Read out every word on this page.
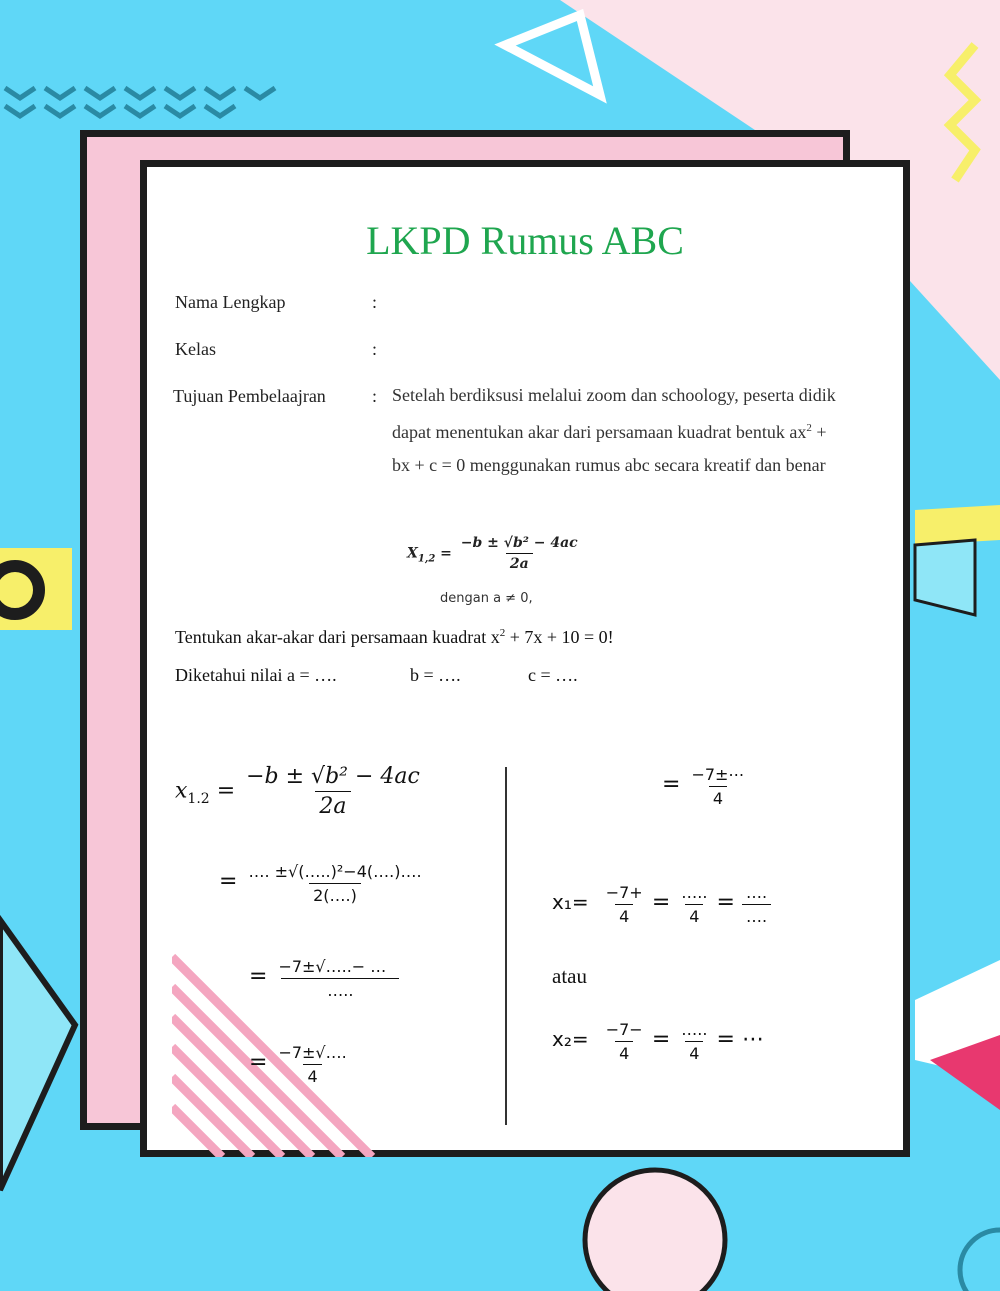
LKPD Rumus ABC
Nama Lengkap	:
Kelas	:
Tujuan Pembelaajran	: Setelah berdiksusi melalui zoom dan schoology, peserta didik
dapat menentukan akar dari persamaan kuadrat bentuk $ax^2$ +
bx + c = 0 menggunakan rumus abc secara kreatif dan benar
$X_{1,2} = \frac{\text{−b ± √b² − 4ac}}{2a}$
dengan a ≠ 0,
Tentukan akar-akar dari persamaan kuadrat $x^2 + 7x + 10 = 0$!
Diketahui nilai a = ….	b = ….	c = ….
$x_{1.2} = \frac{\text{−b ± √b² − 4ac}}{2a}$
= $\frac{\text{…. ±√(…..)²−4(….)….}}{2(\dots.)}$
= $\frac{-7\pm√\dots..- \dots}{\dots..}$
= $\frac{-7\pm√\dots.}{4}$
= $\frac{-7\pm\cdots}{4}$
$x_1= \frac{-7+}{4} = \frac{\dots..}{4} = \frac{\dots.}{\dots.}$
atau
$x_2= \frac{-7-}{4} = \frac{\dots..}{4}$ = ⋯
